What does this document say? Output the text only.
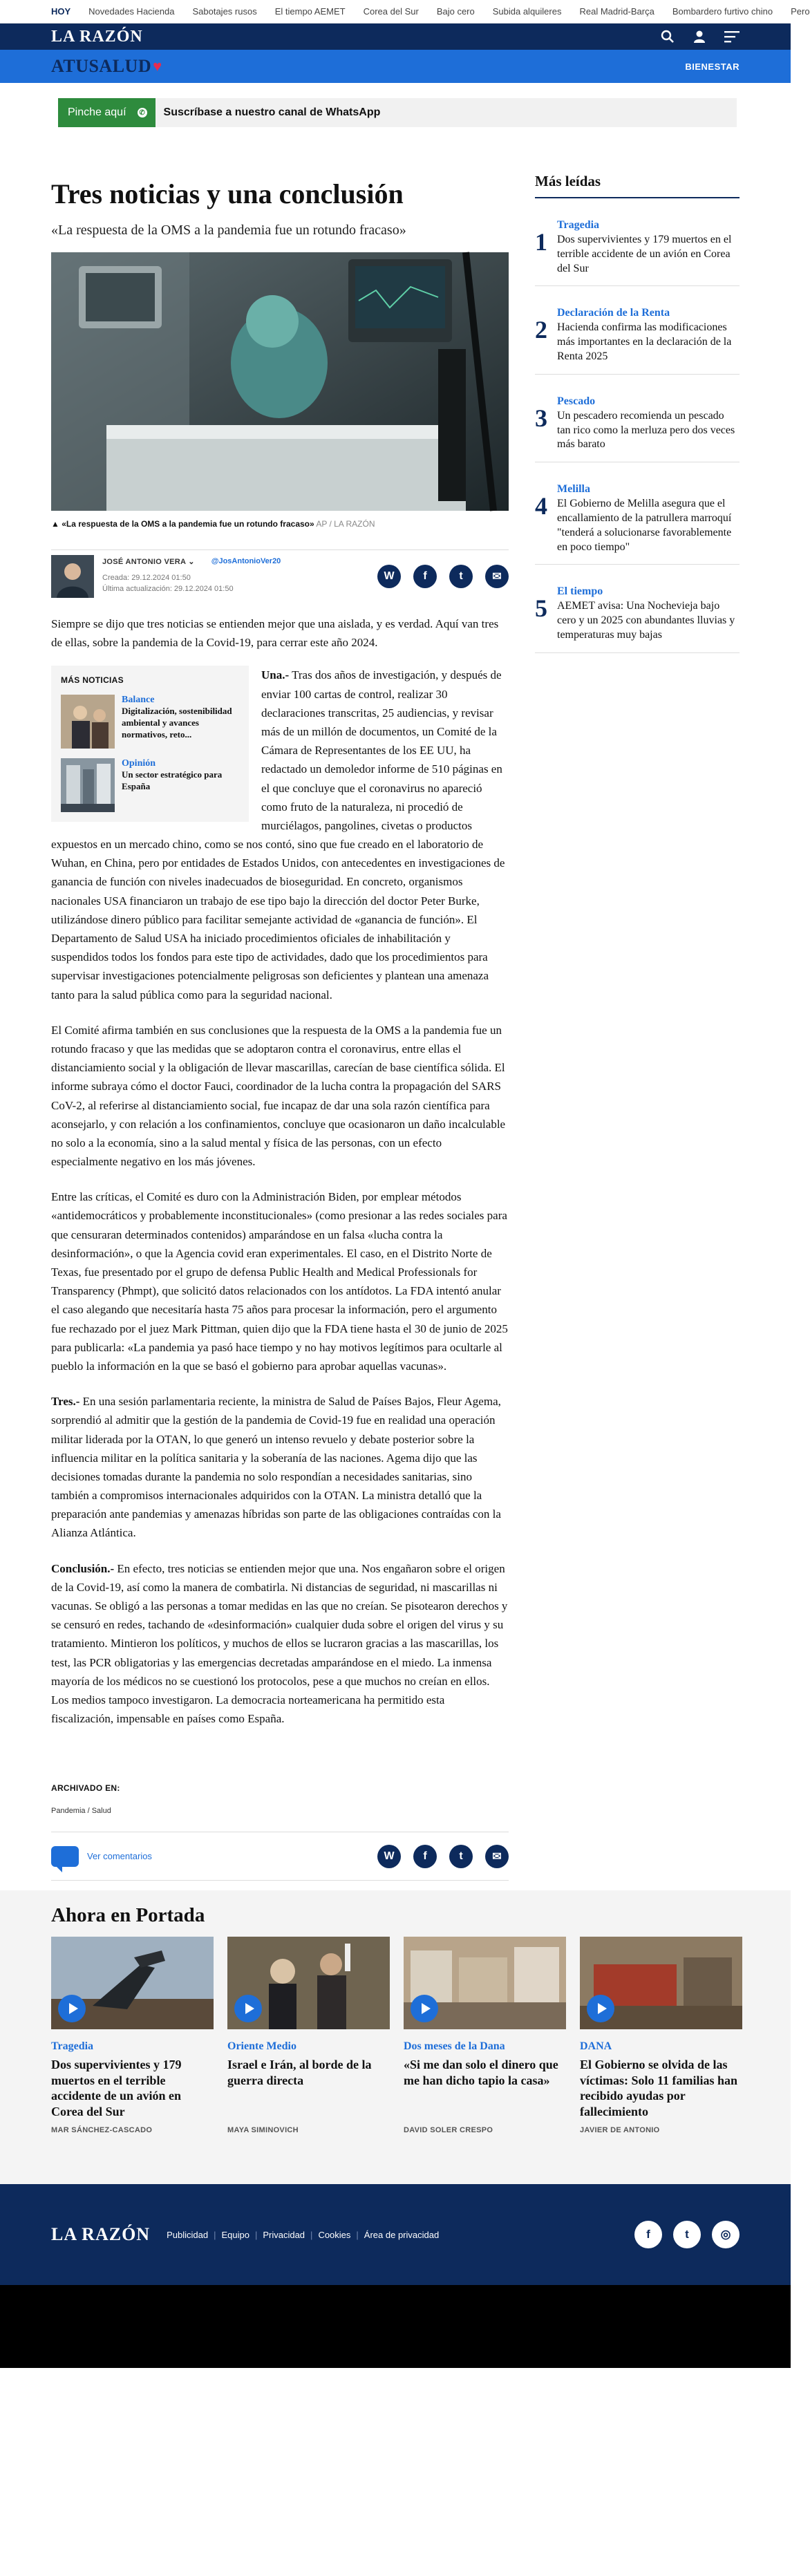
HOY Novedades Hacienda Sabotajes rusos El tiempo AEMET Corea del Sur Bajo cero Subida alquileres Real Madrid-Barça Bombardero furtivo chino Pero
LA RAZÓN
ATUSALUD ♥	BIENESTAR
Pinche aquí ✆ Suscríbase a nuestro canal de WhatsApp
Tres noticias y una conclusión

«La respuesta de la OMS a la pandemia fue un rotundo fracaso»

▲ «La respuesta de la OMS a la pandemia fue un rotundo fracaso» AP / LA RAZÓN

JOSÉ ANTONIO VERA ⌄ @JosAntonioVer20
Creada: 29.12.2024 01:50
Última actualización: 29.12.2024 01:50
W	f	t	✉

Siempre se dijo que tres noticias se entienden mejor que una aislada, y es verdad. Aquí van tres de ellas, sobre la pandemia de la Covid-19, para cerrar este año 2024.

MÁS NOTICIAS
Balance
Digitalización, sostenibilidad ambiental y avances normativos, reto...
Opinión
Un sector estratégico para España

Una.- Tras dos años de investigación, y después de enviar 100 cartas de control, realizar 30 declaraciones transcritas, 25 audiencias, y revisar más de un millón de documentos, un Comité de la Cámara de Representantes de los EE UU, ha redactado un demoledor informe de 510 páginas en el que concluye que el coronavirus no apareció como fruto de la naturaleza, ni procedió de murciélagos, pangolines, civetas o productos expuestos en un mercado chino, como se nos contó, sino que fue creado en el laboratorio de Wuhan, en China, pero por entidades de Estados Unidos, con antecedentes en investigaciones de ganancia de función con niveles inadecuados de bioseguridad. En concreto, organismos nacionales USA financiaron un trabajo de ese tipo bajo la dirección del doctor Peter Burke, utilizándose dinero público para facilitar semejante actividad de «ganancia de función». El Departamento de Salud USA ha iniciado procedimientos oficiales de inhabilitación y suspendidos todos los fondos para este tipo de actividades, dado que los procedimientos para supervisar investigaciones potencialmente peligrosas son deficientes y plantean una amenaza tanto para la salud pública como para la seguridad nacional.

El Comité afirma también en sus conclusiones que la respuesta de la OMS a la pandemia fue un rotundo fracaso y que las medidas que se adoptaron contra el coronavirus, entre ellas el distanciamiento social y la obligación de llevar mascarillas, carecían de base científica sólida. El informe subraya cómo el doctor Fauci, coordinador de la lucha contra la propagación del SARS CoV-2, al referirse al distanciamiento social, fue incapaz de dar una sola razón científica para aconsejarlo, y con relación a los confinamientos, concluye que ocasionaron un daño incalculable no solo a la economía, sino a la salud mental y física de las personas, con un efecto especialmente negativo en los más jóvenes.

Entre las críticas, el Comité es duro con la Administración Biden, por emplear métodos «antidemocráticos y probablemente inconstitucionales» (como presionar a las redes sociales para que censuraran determinados contenidos) amparándose en un falsa «lucha contra la desinformación», o que la Agencia covid eran experimentales. El caso, en el Distrito Norte de Texas, fue presentado por el grupo de defensa Public Health and Medical Professionals for Transparency (Phmpt), que solicitó datos relacionados con los antídotos. La FDA intentó anular el caso alegando que necesitaría hasta 75 años para procesar la información, pero el argumento fue rechazado por el juez Mark Pittman, quien dijo que la FDA tiene hasta el 30 de junio de 2025 para publicarla: «La pandemia ya pasó hace tiempo y no hay motivos legítimos para ocultarle al pueblo la información en la que se basó el gobierno para aprobar aquellas vacunas».

Tres.- En una sesión parlamentaria reciente, la ministra de Salud de Países Bajos, Fleur Agema, sorprendió al admitir que la gestión de la pandemia de Covid-19 fue en realidad una operación militar liderada por la OTAN, lo que generó un intenso revuelo y debate posterior sobre la influencia militar en la política sanitaria y la soberanía de las naciones. Agema dijo que las decisiones tomadas durante la pandemia no solo respondían a necesidades sanitarias, sino también a compromisos internacionales adquiridos con la OTAN. La ministra detalló que la preparación ante pandemias y amenazas híbridas son parte de las obligaciones contraídas con la Alianza Atlántica.

Conclusión.- En efecto, tres noticias se entienden mejor que una. Nos engañaron sobre el origen de la Covid-19, así como la manera de combatirla. Ni distancias de seguridad, ni mascarillas ni vacunas. Se obligó a las personas a tomar medidas en las que no creían. Se pisotearon derechos y se censuró en redes, tachando de «desinformación» cualquier duda sobre el origen del virus y su tratamiento. Mintieron los políticos, y muchos de ellos se lucraron gracias a las mascarillas, los test, las PCR obligatorias y las emergencias decretadas amparándose en el miedo. La inmensa mayoría de los médicos no se cuestionó los protocolos, pese a que muchos no creían en ellos. Los medios tampoco investigaron. La democracia norteamericana ha permitido esta fiscalización, impensable en países como España.

ARCHIVADO EN:
Pandemia / Salud
Ver comentarios	W	f	t	✉
Más leídas
1
Tragedia
Dos supervivientes y 179 muertos en el terrible accidente de un avión en Corea del Sur
2
Declaración de la Renta
Hacienda confirma las modificaciones más importantes en la declaración de la Renta 2025
3
Pescado
Un pescadero recomienda un pescado tan rico como la merluza pero dos veces más barato
4
Melilla
El Gobierno de Melilla asegura que el encallamiento de la patrullera marroquí "tenderá a solucionarse favorablemente en poco tiempo"
5
El tiempo
AEMET avisa: Una Nochevieja bajo cero y un 2025 con abundantes lluvias y temperaturas muy bajas
Ahora en Portada
Tragedia
Dos supervivientes y 179 muertos en el terrible accidente de un avión en Corea del Sur
MAR SÁNCHEZ-CASCADO
Oriente Medio
Israel e Irán, al borde de la guerra directa
MAYA SIMINOVICH
Dos meses de la Dana
«Si me dan solo el dinero que me han dicho tapio la casa»
DAVID SOLER CRESPO
DANA
El Gobierno se olvida de las víctimas: Solo 11 familias han recibido ayudas por fallecimiento
JAVIER DE ANTONIO
LA RAZÓN Publicidad | Equipo | Privacidad | Cookies | Área de privacidad	f	t	◎
